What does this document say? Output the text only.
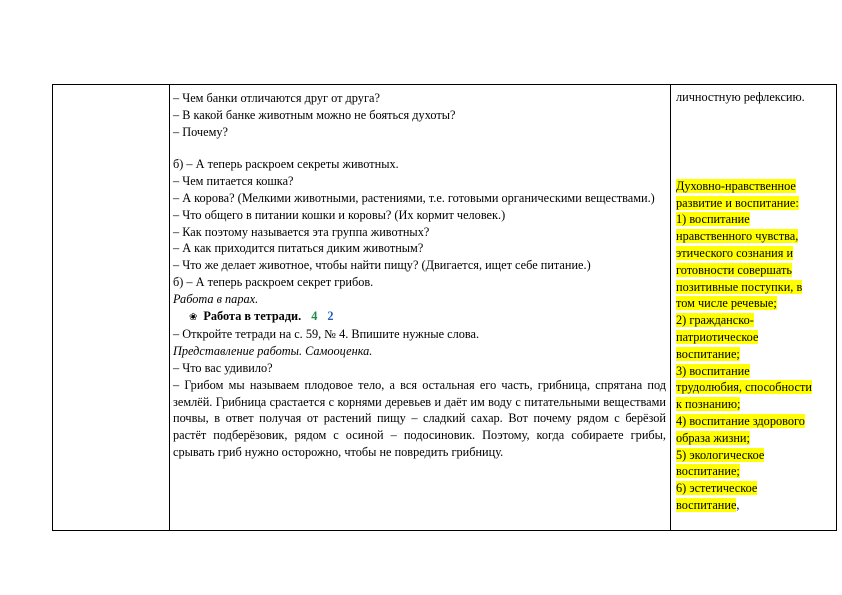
– Чем банки отличаются друг от друга?

– В какой банке животным можно не бояться духоты?

– Почему?

б) – А теперь раскроем секреты животных.

– Чем питается кошка?

– А корова? (Мелкими животными, растениями, т.е. готовыми органическими веществами.)

– Что общего в питании кошки и коровы? (Их кормит человек.)

– Как поэтому называется эта группа животных?

– А как приходится питаться диким животным?

– Что же делает животное, чтобы найти пищу? (Двигается, ищет себе питание.)

б) – А теперь раскроем секрет грибов.

Работа в парах.

❀ Работа в тетради. 4 2

– Откройте тетради на с. 59, № 4. Впишите нужные слова.

Представление работы. Самооценка.

– Что вас удивило?

– Грибом мы называем плодовое тело, а вся остальная его часть, грибница, спрятана под землёй. Грибница срастается с корнями деревьев и даёт им воду с питательными веществами почвы, в ответ получая от растений пищу – сладкий сахар. Вот почему рядом с берёзой растёт подберёзовик, рядом с осиной – подосиновик. Поэтому, когда собираете грибы, срывать гриб нужно осторожно, чтобы не повредить грибницу.

личностную рефлексию.

Духовно-нравственное

развитие и воспитание:

1) воспитание

нравственного чувства,

этического сознания и

готовности совершать

позитивные поступки, в

том числе речевые;

2) гражданско-

патриотическое

воспитание;

3) воспитание

трудолюбия, способности

к познанию;

4) воспитание здорового

образа жизни;

5) экологическое

воспитание;

6) эстетическое

воспитание,
